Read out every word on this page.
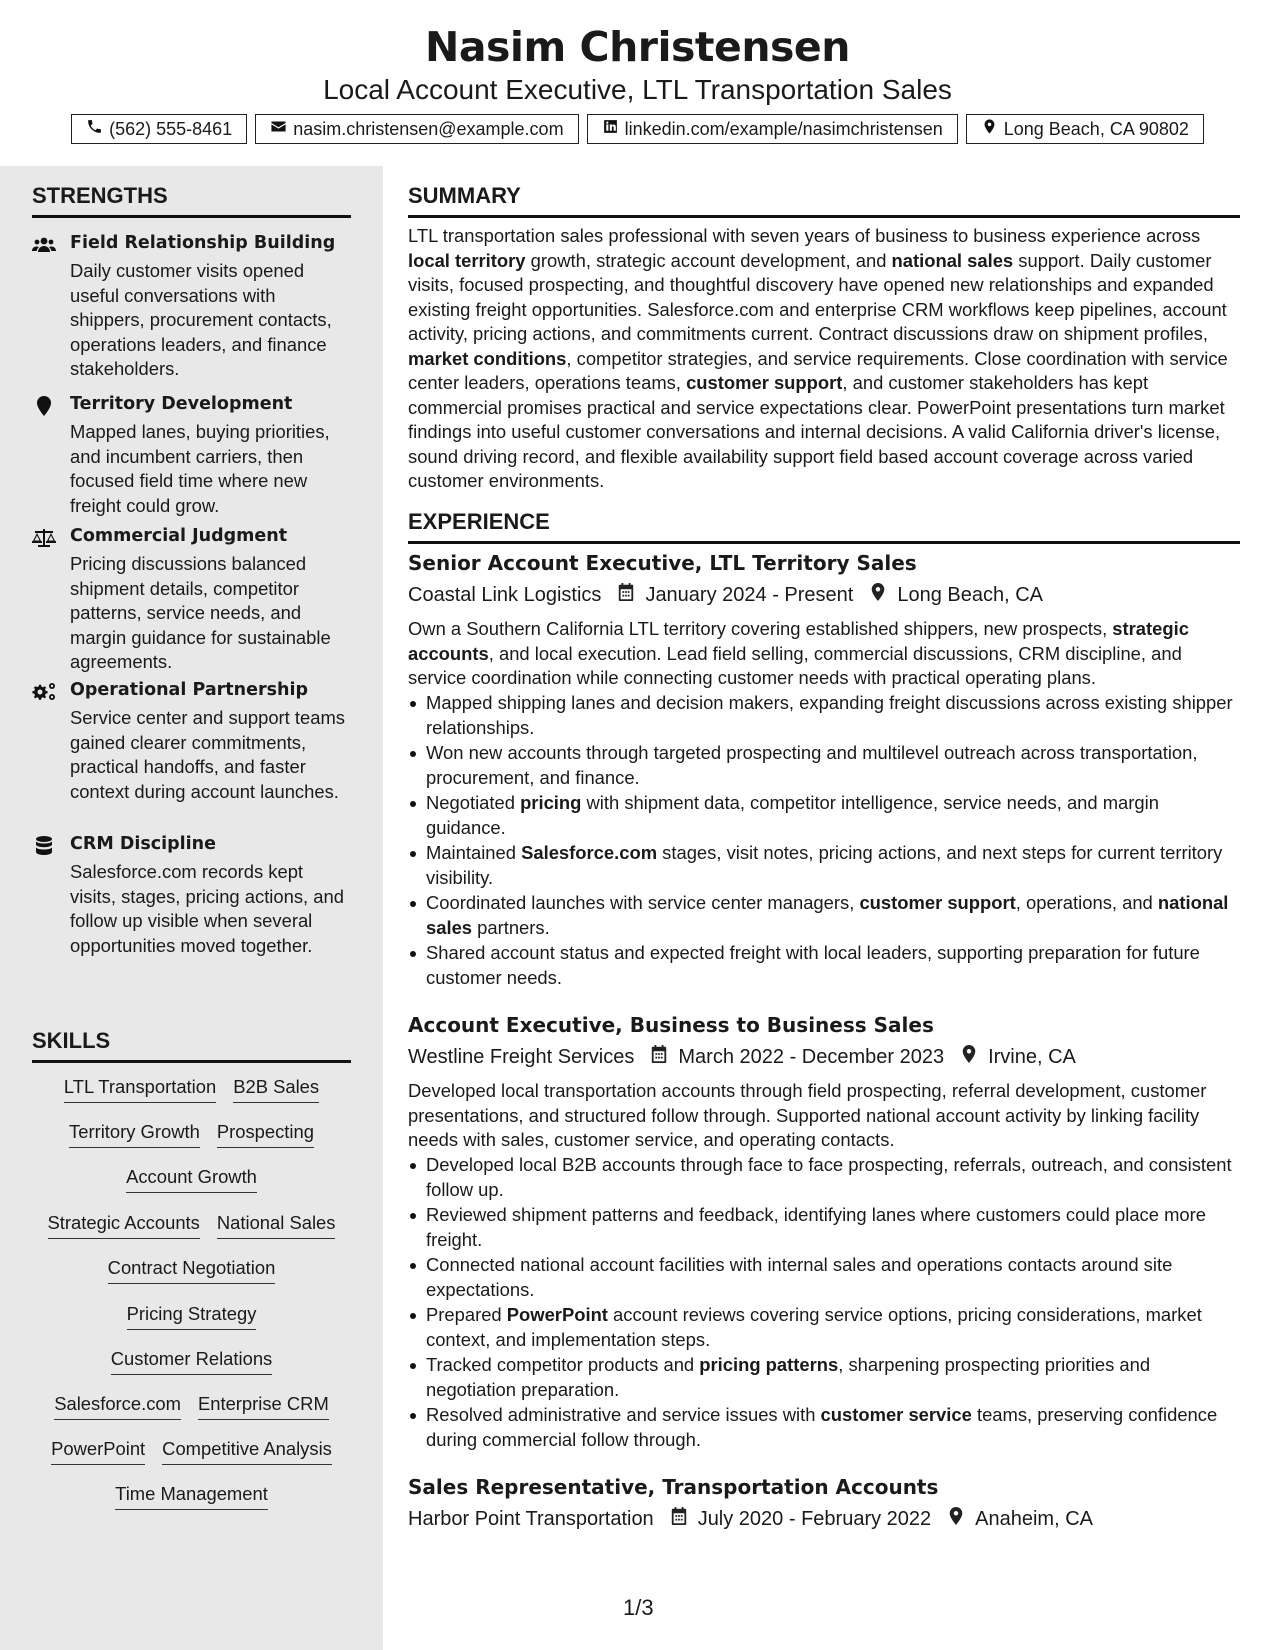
Nasim Christensen
Local Account Executive, LTL Transportation Sales
(562) 555-8461	nasim.christensen@example.com	linkedin.com/example/nasimchristensen	Long Beach, CA 90802
STRENGTHS
Field Relationship Building
Daily customer visits opened useful conversations with shippers, procurement contacts, operations leaders, and finance stakeholders.
Territory Development
Mapped lanes, buying priorities, and incumbent carriers, then focused field time where new freight could grow.
Commercial Judgment
Pricing discussions balanced shipment details, competitor patterns, service needs, and margin guidance for sustainable agreements.
Operational Partnership
Service center and support teams gained clearer commitments, practical handoffs, and faster context during account launches.
CRM Discipline
Salesforce.com records kept visits, stages, pricing actions, and follow up visible when several opportunities moved together.
SKILLS
LTL Transportation B2B Sales
Territory Growth Prospecting
Account Growth
Strategic Accounts National Sales
Contract Negotiation
Pricing Strategy
Customer Relations
Salesforce.com Enterprise CRM
PowerPoint Competitive Analysis
Time Management
SUMMARY
LTL transportation sales professional with seven years of business to business experience across local territory growth, strategic account development, and national sales support. Daily customer visits, focused prospecting, and thoughtful discovery have opened new relationships and expanded existing freight opportunities. Salesforce.com and enterprise CRM workflows keep pipelines, account activity, pricing actions, and commitments current. Contract discussions draw on shipment profiles, market conditions, competitor strategies, and service requirements. Close coordination with service center leaders, operations teams, customer support, and customer stakeholders has kept commercial promises practical and service expectations clear. PowerPoint presentations turn market findings into useful customer conversations and internal decisions. A valid California driver's license, sound driving record, and flexible availability support field based account coverage across varied customer environments.
EXPERIENCE
Senior Account Executive, LTL Territory Sales
Coastal Link Logistics January 2024 - Present Long Beach, CA
Own a Southern California LTL territory covering established shippers, new prospects, strategic accounts, and local execution. Lead field selling, commercial discussions, CRM discipline, and service coordination while connecting customer needs with practical operating plans.
Mapped shipping lanes and decision makers, expanding freight discussions across existing shipper relationships.
Won new accounts through targeted prospecting and multilevel outreach across transportation, procurement, and finance.
Negotiated pricing with shipment data, competitor intelligence, service needs, and margin guidance.
Maintained Salesforce.com stages, visit notes, pricing actions, and next steps for current territory visibility.
Coordinated launches with service center managers, customer support, operations, and national sales partners.
Shared account status and expected freight with local leaders, supporting preparation for future customer needs.
Account Executive, Business to Business Sales
Westline Freight Services March 2022 - December 2023 Irvine, CA
Developed local transportation accounts through field prospecting, referral development, customer presentations, and structured follow through. Supported national account activity by linking facility needs with sales, customer service, and operating contacts.
Developed local B2B accounts through face to face prospecting, referrals, outreach, and consistent follow up.
Reviewed shipment patterns and feedback, identifying lanes where customers could place more freight.
Connected national account facilities with internal sales and operations contacts around site expectations.
Prepared PowerPoint account reviews covering service options, pricing considerations, market context, and implementation steps.
Tracked competitor products and pricing patterns, sharpening prospecting priorities and negotiation preparation.
Resolved administrative and service issues with customer service teams, preserving confidence during commercial follow through.
Sales Representative, Transportation Accounts
Harbor Point Transportation July 2020 - February 2022 Anaheim, CA
1/3
